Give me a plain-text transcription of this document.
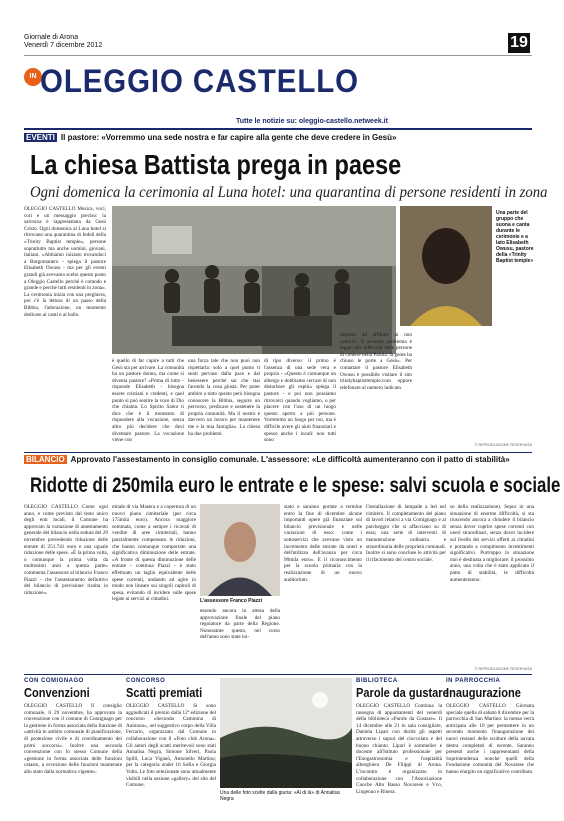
Giornale di Arona
Venerdì 7 dicembre 2012	19
IN OLEGGIO CASTELLO
Tutte le notizie su: oleggio-castello.netweek.it
EVENTI Il pastore: «Vorremmo una sede nostra e far capire alla gente che deve credere in Gesù»
La chiesa Battista prega in paese
Ogni domenica la cerimonia al Luna hotel: una quarantina di persone residenti in zona
OLEGGIO CASTELLO Musica, voci, cori e un messaggio preciso: la salvezza è rappresentata da Gesù Cristo. Ogni domenica al Luna hotel si ritrovano una quarantina di fedeli della «Trinity Baptist temple», persone soprattutto ma anche uomini, giovani, italiani. «Abbiamo iniziato trovandoci a Borgomanero - spiega il pastore Elisabeth Owusu - ma per gli eventi grandi già avevamo scelto questo posto a Oleggio Castello perché è comodo e grande e perché tutti residenti in zona». La cerimonia inizia con una preghiera, poi c'è la lettura di un passo della Bibbia, l'adorazione, un momento dedicato ai canti e al ballo.
Una parte del gruppo che suona e canta durante le cerimonie e a lato Elisabeth Owusu, pastore della «Trinity Baptist temple»
è quello di far capire a tutti che Gesù sta per arrivare. La comunità ha un pastore donna, ma come si diventa pastore? «Prima di tutto - risponde Elisabeth - bisogna essere cristiani e credenti, e quel punto si può sentire la voce di Dio che chiama. Lo Spirito Santo ti dice che è il momento di rispondere alla vocazione, senza altro più decidere che devi diventare pastore. La vocazione viene con
una forza tale che non puoi non rispettarla: solo a quel punto ti senti pervaso dalla pace e dal benessere perché sai che stai facendo la cosa giusta. Per poter ambire a tutto questo però bisogna conoscere la Bibbia, seguire un percorso, predicare e sostenere la propria comunità. Ma il nostro è davvero un lavoro per mantenere me e la mia famiglia». La chiesa ha due problemi
di tipo diverso: il primo è l'assenza di una sede vera e propria - «Questo è comunque un albergo e dobbiamo cercare di non disturbare gli ospiti» spiega il pastore - e poi non possiamo ritrovarci quando vogliamo, o per piacere con l'uso di un luogo questo aperto a più persone. Vorremmo un luogo per noi, ma è difficile avere gli aiuti finanziari e spesso anche i locali: non tutti sono
disposti ad affittare ai non cattolici. Il secondo problema è legato alla difficoltà delle persone di credere nella Parola: la gente ha chiuso le porte a Gesù». Per contattare il pastore Elisabeth Owusu è possibile visitare il sito trinitybaptisttemple.com oppure telefonare al numero indicato.
© RIPRODUZIONE RISERVATA
BILANCIO Approvato l'assestamento in consiglio comunale. L'assessore: «Le difficoltà aumenteranno con il patto di stabilità»
Ridotte di 250mila euro le entrate e le spese: salvi scuola e sociale
OLEGGIO CASTELLO Come ogni anno, e come previsto dal testo unico degli enti locali, il Comune ha approvato la variazione di assestamento generale del bilancio nella seduta del 29 novembre prevedendo riduzione delle entrate di 251.741 euro e una uguale riduzione delle spese. «È la prima volta, o comunque la prima volta da moltissimi anni a questa parte» commenta l'assessore al bilancio Franco Piazzi - che l'assestamento definitivo del bilancio di previsione risulta in riduzione».
mitale di via Masera e a copertura di un nuovo piano cimiteriale (per circa 175mila euro). Ancora maggiore sommata, come a sempre i ricavati di vendite di aree cimiteriali, hanno parzialmente compensato le riduzioni, che hanno comunque comportato una significativa diminuzione delle entrate. «A fronte di questa diminuzione delle entrate - continua Piazzi - è stato effettuato un taglio equivalente delle spese correnti, andando ad agire in modo non lineare sui singoli capitoli di spesa, evitando di incidere sulle spese legate ai servizi ai cittadini.	L'assessore Franco Piazzi
essendo ancora in attesa della approvazione finale del piano regolatore da parte della Regione. Nonostante questo, nel corso dell'anno sono state ini-
stato e saranno portate a termine entro la fine di dicembre alcune importanti opere già finanziate sul bilancio previsionale e nelle variazioni di esso: come i sottoservizi che avevano visto un incremento delle entrate da oneri e dell'utilizzo dell'avanzo per circa 90mila euro». E il riconoscimento per la scuola primaria con la realizzazione di un nuovo auditorium.
l'installazione di lampade a led nel cimitero. Il completamento del piano di lavori relativi a via Comignago e al parcheggio che si affacciano su di essa; una serie di interventi di manutenzione ordinaria e straordinaria delle proprietà comunali. Inoltre si sono concluse le attività per il rifacimento del centro sociale.
so della realizzazione). Sepur in una situazione di enorme difficoltà, si sta riuscendo ancora a chiudere il bilancio senza dover coprire spese correnti con oneri straordinari, senza dover incidere sul livello dei servizi offerti ai cittadini e portando a compimento investimenti significativi. Purtroppo la situazione non è destinata a migliorare: il prossimo anno, una volta che è stato applicato il patto di stabilità, le difficoltà aumenteranno.
© RIPRODUZIONE RISERVATA
CON COMIGNAGO
Convenzioni
OLEGGIO CASTELLO Il consiglio comunale, il 29 novembre, ha approvato la convenzione con il comune di Comignago per la gestione in forma associata della funzione di «attività in ambito comunale di pianificazione, di protezione civile e di coordinamento dei primi soccorsi». Inoltre una seconda convenzione con lo stesso Comune della «gestione in forma associata delle funzioni catasto, a eccezione delle funzioni mantenute allo stato dalla normativa vigente».
CONCORSO
Scatti premiati
OLEGGIO CASTELLO Si sono aggiudicati il premio dalla 12ª edizione del concorso «Seconda Cammina di Autunno», nel suggestivo corpo della Villa Ferrario, organizzato dal Comune in collaborazione con il «Foto club Arona». Gli autori degli scatti meritevoli sono stati Annalisa Negra, Simone Silveri, Paola Spilli, Luca Viganò, Antonello Martino; per la categoria under 16 Sofia e Giorgia Volta. Le foto selezionate sono attualmente visibili nella sezione «gallery» del sito del Comune.
Una delle foto scelte dalla giuria: «Al di là» di Annalisa Negra
BIBLIOTECA
Parole da gustare
OLEGGIO CASTELLO Continua la rassegna di appuntamenti del venerdì della biblioteca «Parole da Gustare». Il 14 dicembre alle 21 in sala consigliare, Daniela Lipari con durità gli aspetti attraverso i sapori del cioccolato e del buono chianto. Lipari è sommelier e docente all'Istituto professionale per l'Enogastronomia e l'ospitalità alberghiera De Filippi di Arona. L'incontro è organizzato in collaborazione con l'Associazione Cuoche Alto Basso Novarese e Vco, Lingenuo e Rinera.
IN PARROCCHIA
Inaugurazione
OLEGGIO CASTELLO Giornata speciale quella di sabato 8 dicembre per la parrocchia di San Martino: la messa verrà anticipata alle 10 per permettere in un secondo momento l'inaugurazione dei nuovi restauri delle sculture della navata destra completati di recente. Saranno presenti anche i rappresentanti della Soprintendenza nonché quelli della Fondazione comunità del Novarese che hanno elargito un significativo contributo.
